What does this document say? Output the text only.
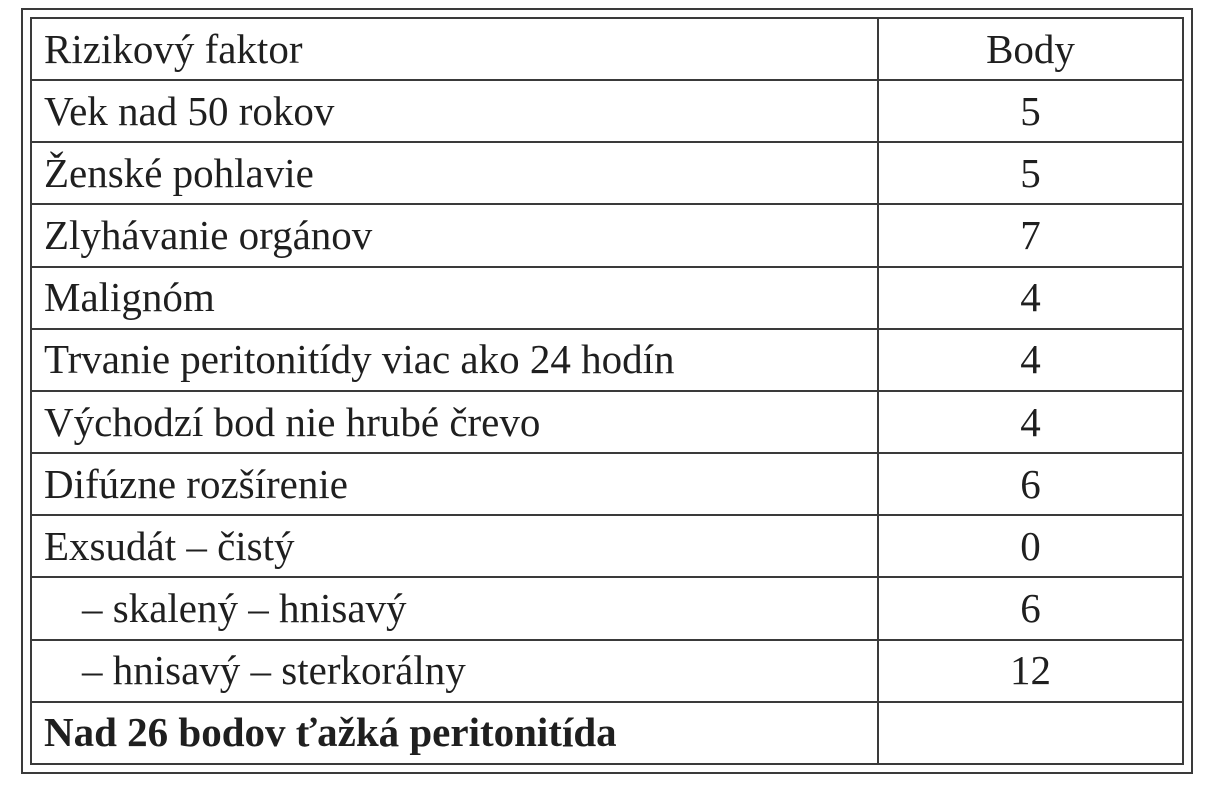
Rizikový faktor	Body
Vek nad 50 rokov	5
Ženské pohlavie	5
Zlyhávanie orgánov	7
Malignóm	4
Trvanie peritonitídy viac ako 24 hodín	4
Východzí bod nie hrubé črevo	4
Difúzne rozšírenie	6
Exsudát – čistý	0
– skalený – hnisavý	6
– hnisavý – sterkorálny	12
Nad 26 bodov ťažká peritonitída	
